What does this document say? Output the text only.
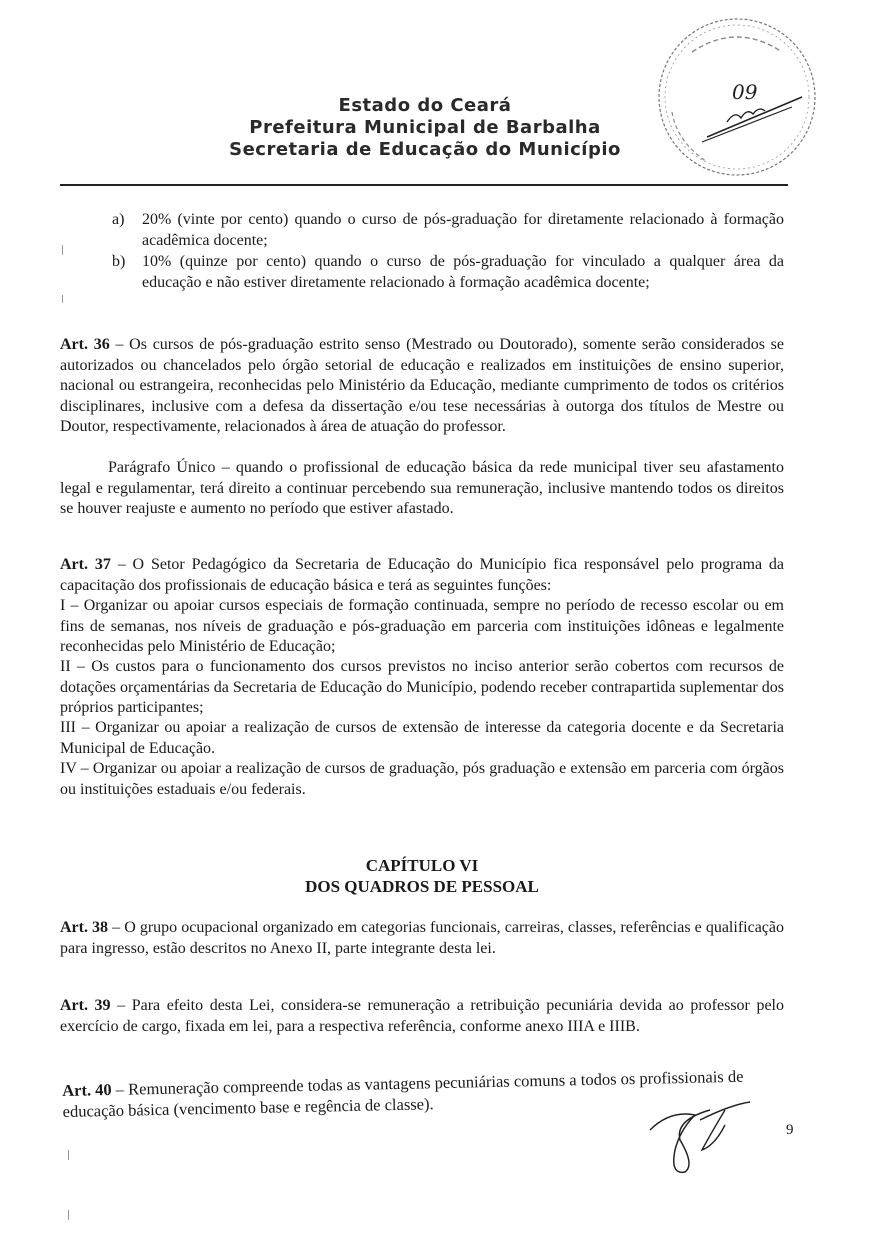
Estado do Ceará
Prefeitura Municipal de Barbalha
Secretaria de Educação do Município
09
a) 20% (vinte por cento) quando o curso de pós-graduação for diretamente relacionado à formação acadêmica docente;
b) 10% (quinze por cento) quando o curso de pós-graduação for vinculado a qualquer área da educação e não estiver diretamente relacionado à formação acadêmica docente;
Art. 36 – Os cursos de pós-graduação estrito senso (Mestrado ou Doutorado), somente serão considerados se autorizados ou chancelados pelo órgão setorial de educação e realizados em instituições de ensino superior, nacional ou estrangeira, reconhecidas pelo Ministério da Educação, mediante cumprimento de todos os critérios disciplinares, inclusive com a defesa da dissertação e/ou tese necessárias à outorga dos títulos de Mestre ou Doutor, respectivamente, relacionados à área de atuação do professor.
Parágrafo Único – quando o profissional de educação básica da rede municipal tiver seu afastamento legal e regulamentar, terá direito a continuar percebendo sua remuneração, inclusive mantendo todos os direitos se houver reajuste e aumento no período que estiver afastado.
Art. 37 – O Setor Pedagógico da Secretaria de Educação do Município fica responsável pelo programa da capacitação dos profissionais de educação básica e terá as seguintes funções:
I – Organizar ou apoiar cursos especiais de formação continuada, sempre no período de recesso escolar ou em fins de semanas, nos níveis de graduação e pós-graduação em parceria com instituições idôneas e legalmente reconhecidas pelo Ministério de Educação;
II – Os custos para o funcionamento dos cursos previstos no inciso anterior serão cobertos com recursos de dotações orçamentárias da Secretaria de Educação do Município, podendo receber contrapartida suplementar dos próprios participantes;
III – Organizar ou apoiar a realização de cursos de extensão de interesse da categoria docente e da Secretaria Municipal de Educação.
IV – Organizar ou apoiar a realização de cursos de graduação, pós graduação e extensão em parceria com órgãos ou instituições estaduais e/ou federais.
CAPÍTULO VI
DOS QUADROS DE PESSOAL
Art. 38 – O grupo ocupacional organizado em categorias funcionais, carreiras, classes, referências e qualificação para ingresso, estão descritos no Anexo II, parte integrante desta lei.
Art. 39 – Para efeito desta Lei, considera-se remuneração a retribuição pecuniária devida ao professor pelo exercício de cargo, fixada em lei, para a respectiva referência, conforme anexo IIIA e IIIB.
Art. 40 – Remuneração compreende todas as vantagens pecuniárias comuns a todos os profissionais de educação básica (vencimento base e regência de classe).
9
